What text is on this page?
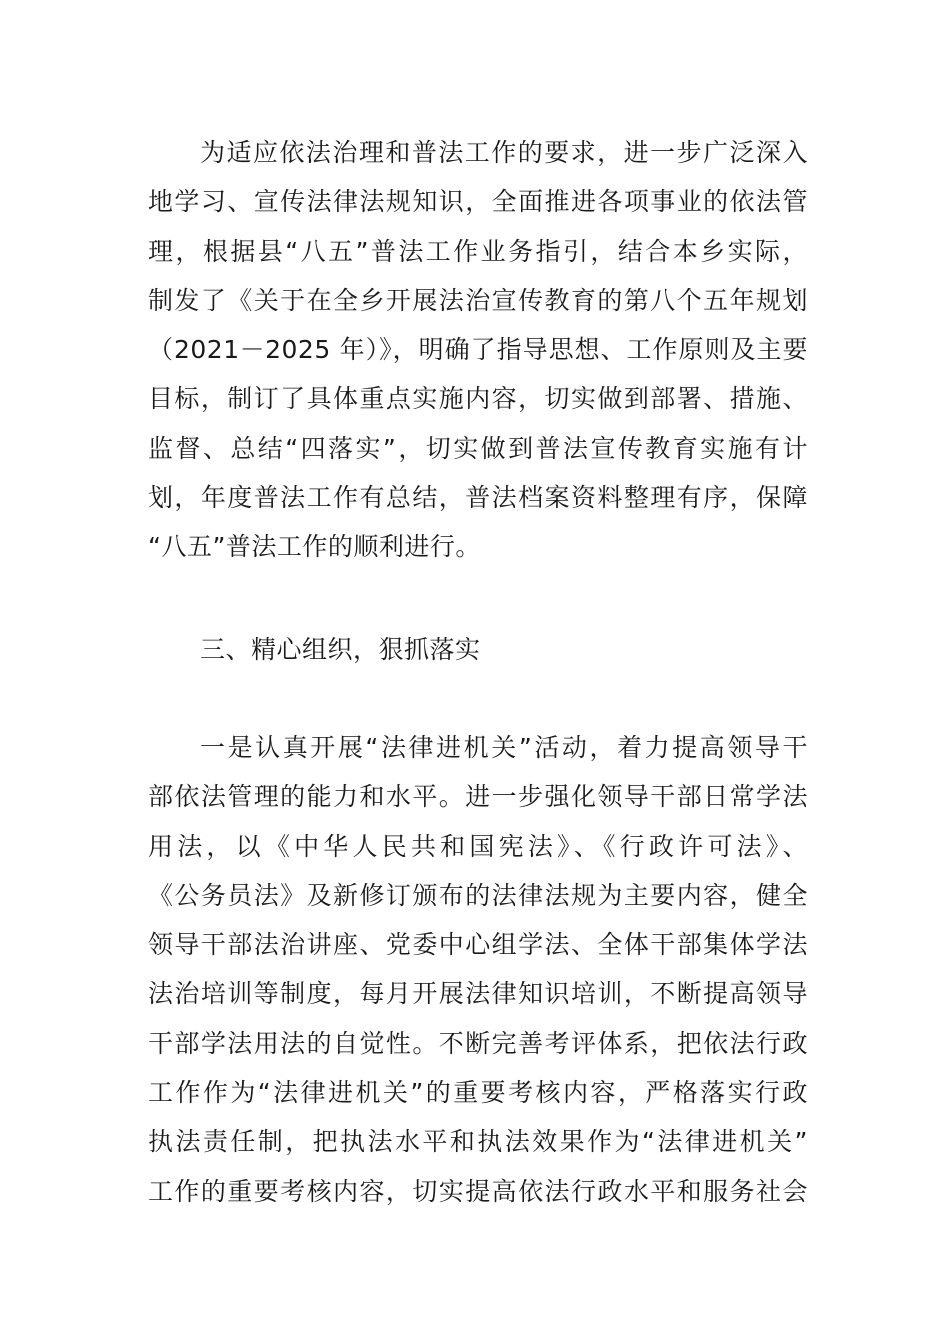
为适应依法治理和普法工作的要求，进一步广泛深入
地学习、宣传法律法规知识，全面推进各项事业的依法管
理，根据县“八五”普法工作业务指引，结合本乡实际，
制发了《关于在全乡开展法治宣传教育的第八个五年规划
（2021－2025 年）》，明确了指导思想、工作原则及主要
目标，制订了具体重点实施内容，切实做到部署、措施、
监督、总结“四落实”，切实做到普法宣传教育实施有计
划，年度普法工作有总结，普法档案资料整理有序，保障
“八五”普法工作的顺利进行。
三、精心组织，狠抓落实
一是认真开展“法律进机关”活动，着力提高领导干
部依法管理的能力和水平。进一步强化领导干部日常学法
用法，以《中华人民共和国宪法》、《行政许可法》、
《公务员法》及新修订颁布的法律法规为主要内容，健全
领导干部法治讲座、党委中心组学法、全体干部集体学法
法治培训等制度，每月开展法律知识培训，不断提高领导
干部学法用法的自觉性。不断完善考评体系，把依法行政
工作作为“法律进机关”的重要考核内容，严格落实行政
执法责任制，把执法水平和执法效果作为“法律进机关”
工作的重要考核内容，切实提高依法行政水平和服务社会
